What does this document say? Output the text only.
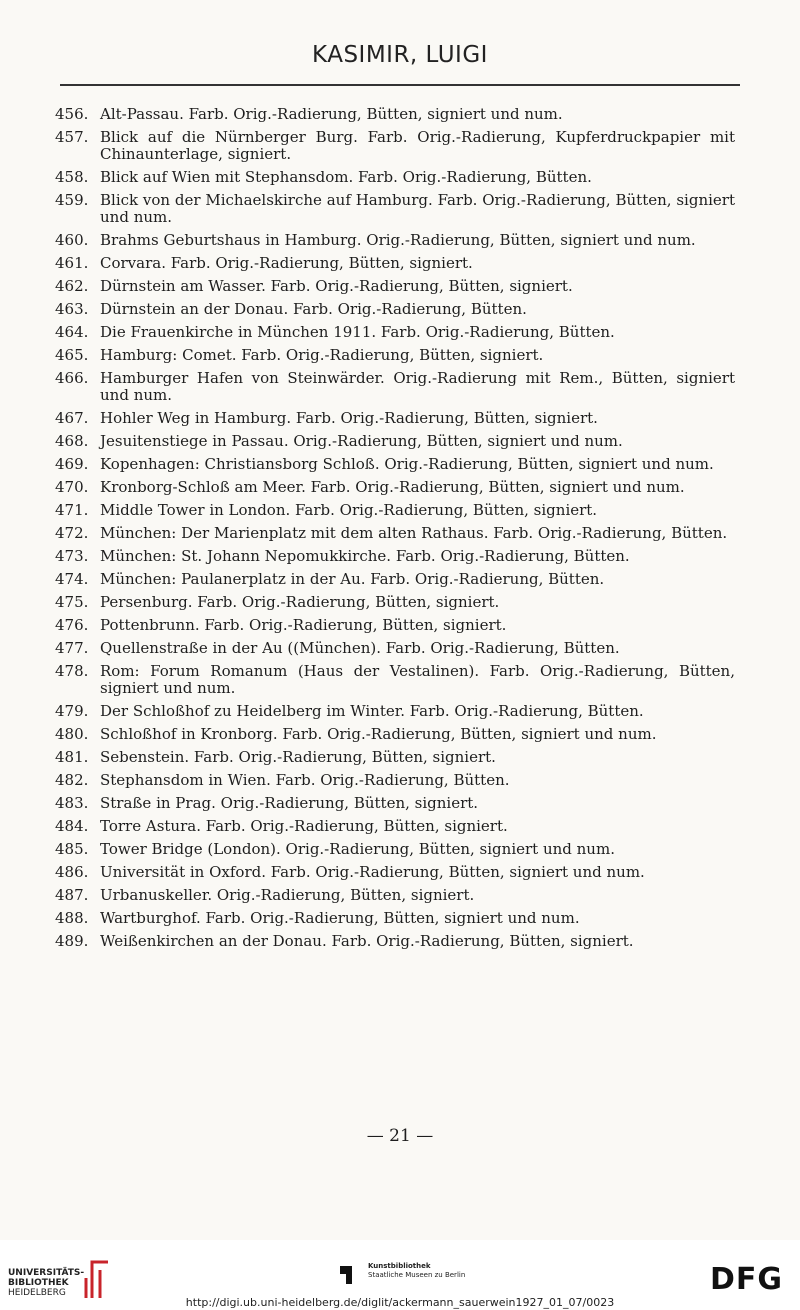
KASIMIR, LUIGI
456. Alt-Passau. Farb. Orig.-Radierung, Bütten, signiert und num.
457. Blick auf die Nürnberger Burg. Farb. Orig.-Radierung, Kupferdruckpapier mit Chinaunterlage, signiert.
458. Blick auf Wien mit Stephansdom. Farb. Orig.-Radierung, Bütten.
459. Blick von der Michaelskirche auf Hamburg. Farb. Orig.-Radierung, Bütten, signiert und num.
460. Brahms Geburtshaus in Hamburg. Orig.-Radierung, Bütten, signiert und num.
461. Corvara. Farb. Orig.-Radierung, Bütten, signiert.
462. Dürnstein am Wasser. Farb. Orig.-Radierung, Bütten, signiert.
463. Dürnstein an der Donau. Farb. Orig.-Radierung, Bütten.
464. Die Frauenkirche in München 1911. Farb. Orig.-Radierung, Bütten.
465. Hamburg: Comet. Farb. Orig.-Radierung, Bütten, signiert.
466. Hamburger Hafen von Steinwärder. Orig.-Radierung mit Rem., Bütten, signiert und num.
467. Hohler Weg in Hamburg. Farb. Orig.-Radierung, Bütten, signiert.
468. Jesuitenstiege in Passau. Orig.-Radierung, Bütten, signiert und num.
469. Kopenhagen: Christiansborg Schloß. Orig.-Radierung, Bütten, signiert und num.
470. Kronborg-Schloß am Meer. Farb. Orig.-Radierung, Bütten, signiert und num.
471. Middle Tower in London. Farb. Orig.-Radierung, Bütten, signiert.
472. München: Der Marienplatz mit dem alten Rathaus. Farb. Orig.-Radierung, Bütten.
473. München: St. Johann Nepomukkirche. Farb. Orig.-Radierung, Bütten.
474. München: Paulanerplatz in der Au. Farb. Orig.-Radierung, Bütten.
475. Persenburg. Farb. Orig.-Radierung, Bütten, signiert.
476. Pottenbrunn. Farb. Orig.-Radierung, Bütten, signiert.
477. Quellenstraße in der Au ((München). Farb. Orig.-Radierung, Bütten.
478. Rom: Forum Romanum (Haus der Vestalinen). Farb. Orig.-Radierung, Bütten, signiert und num.
479. Der Schloßhof zu Heidelberg im Winter. Farb. Orig.-Radierung, Bütten.
480. Schloßhof in Kronborg. Farb. Orig.-Radierung, Bütten, signiert und num.
481. Sebenstein. Farb. Orig.-Radierung, Bütten, signiert.
482. Stephansdom in Wien. Farb. Orig.-Radierung, Bütten.
483. Straße in Prag. Orig.-Radierung, Bütten, signiert.
484. Torre Astura. Farb. Orig.-Radierung, Bütten, signiert.
485. Tower Bridge (London). Orig.-Radierung, Bütten, signiert und num.
486. Universität in Oxford. Farb. Orig.-Radierung, Bütten, signiert und num.
487. Urbanuskeller. Orig.-Radierung, Bütten, signiert.
488. Wartburghof. Farb. Orig.-Radierung, Bütten, signiert und num.
489. Weißenkirchen an der Donau. Farb. Orig.-Radierung, Bütten, signiert.
— 21 —
UNIVERSITÄTS-
BIBLIOTHEK
HEIDELBERG
Kunstbibliothek
Staatliche Museen zu Berlin	DFG
http://digi.ub.uni-heidelberg.de/diglit/ackermann_sauerwein1927_01_07/0023
